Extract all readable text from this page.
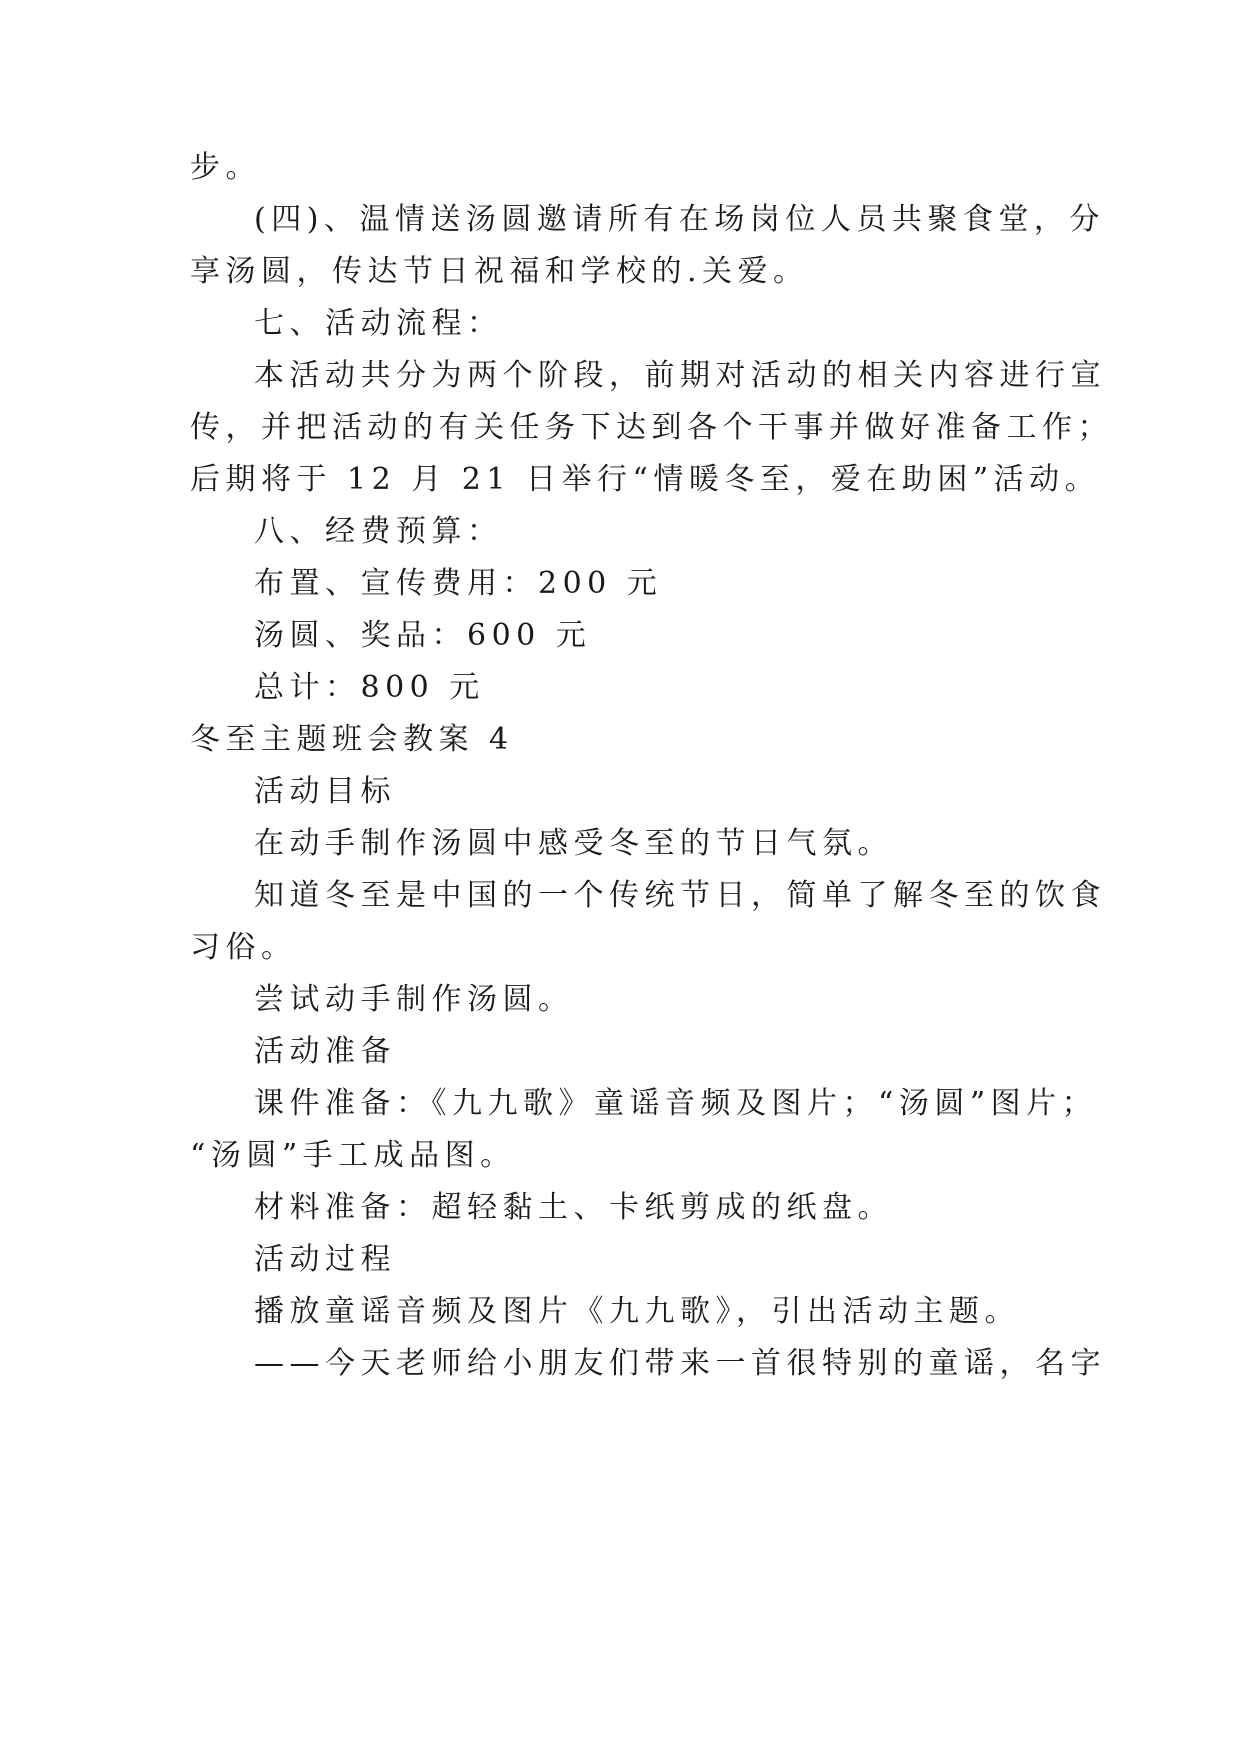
步。
(四)、温情送汤圆邀请所有在场岗位人员共聚食堂，分
享汤圆，传达节日祝福和学校的.关爱。
七、活动流程：
本活动共分为两个阶段，前期对活动的相关内容进行宣
传，并把活动的有关任务下达到各个干事并做好准备工作；
后期将于 12 月 21 日举行“情暖冬至，爱在助困”活动。
八、经费预算：
布置、宣传费用：200 元
汤圆、奖品：600 元
总计：800 元
冬至主题班会教案 4
活动目标
在动手制作汤圆中感受冬至的节日气氛。
知道冬至是中国的一个传统节日，简单了解冬至的饮食
习俗。
尝试动手制作汤圆。
活动准备
课件准备：《九九歌》童谣音频及图片；“汤圆”图片；
“汤圆”手工成品图。
材料准备：超轻黏土、卡纸剪成的纸盘。
活动过程
播放童谣音频及图片《九九歌》，引出活动主题。
——今天老师给小朋友们带来一首很特别的童谣，名字
